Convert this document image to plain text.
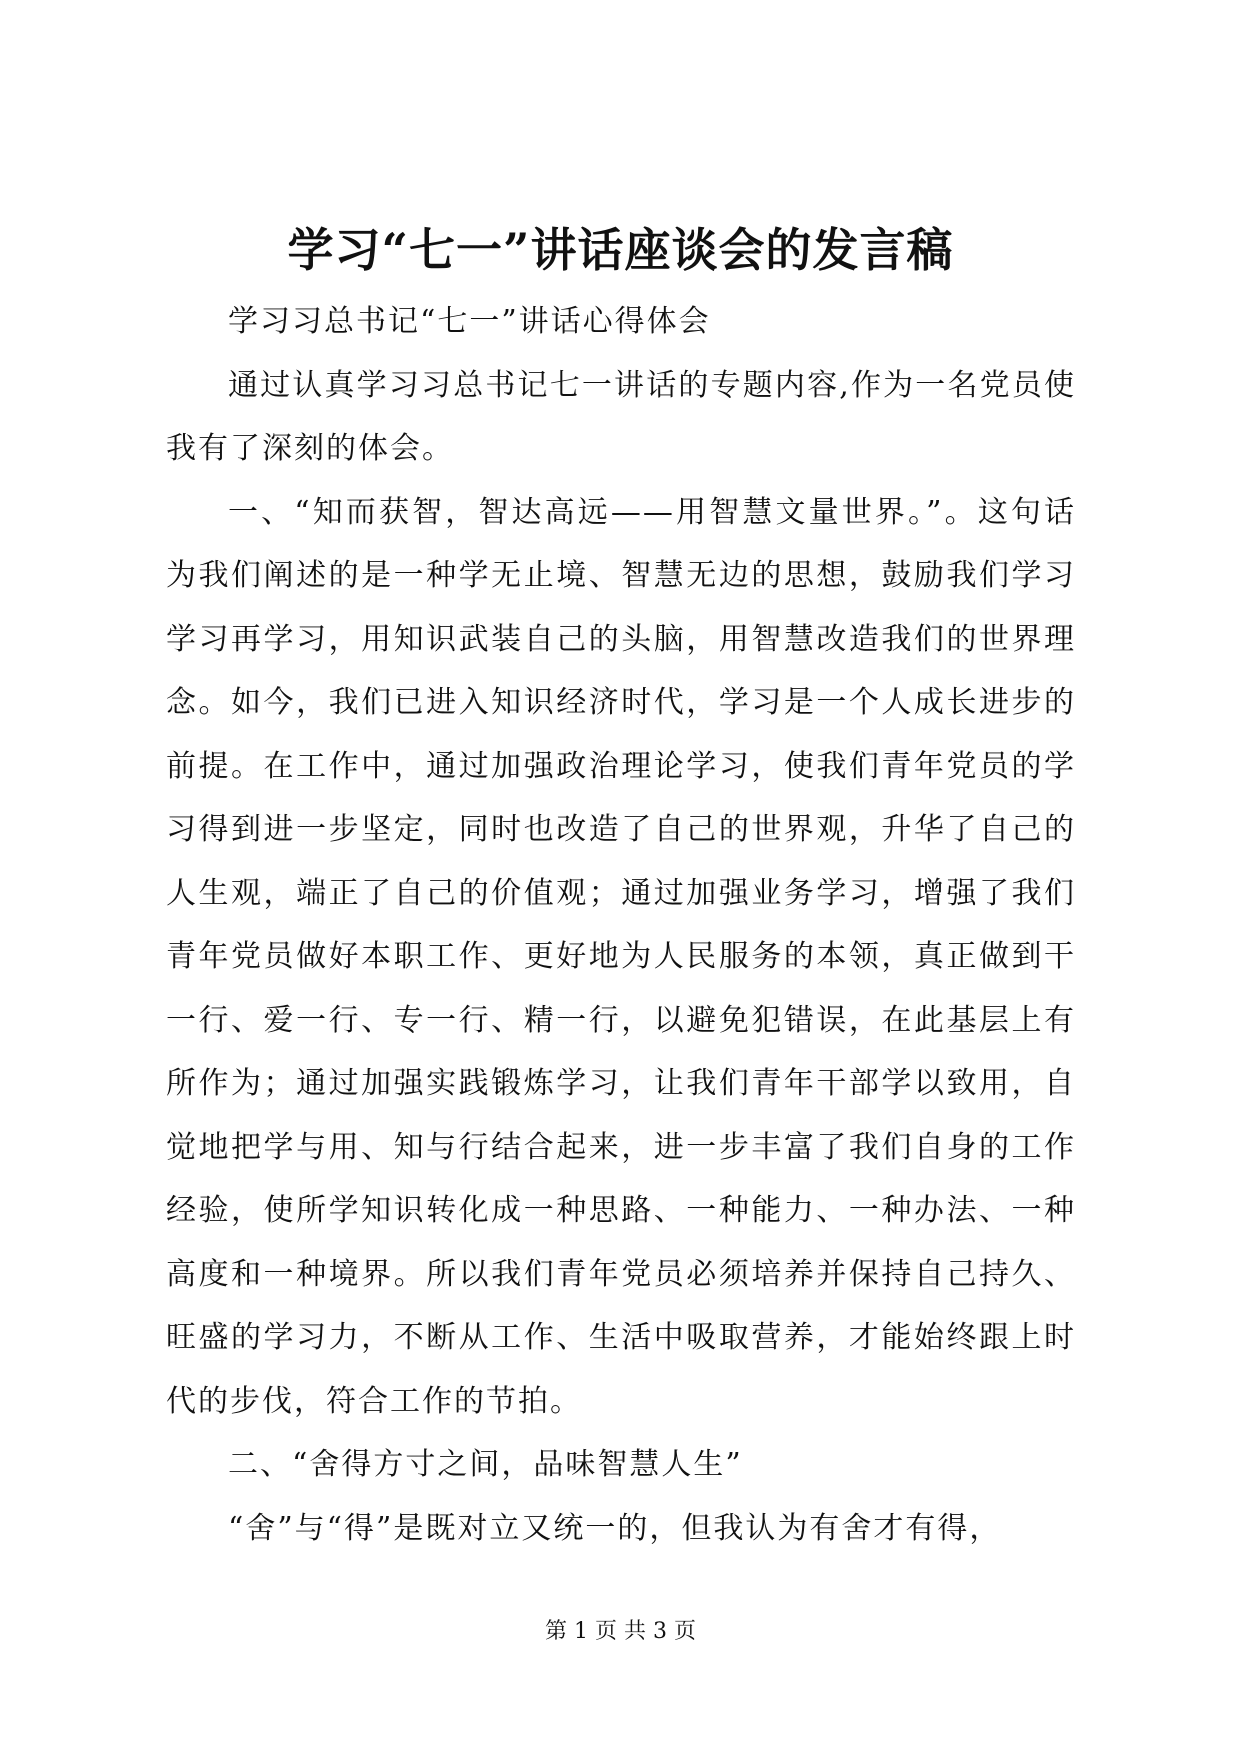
学习“七一”讲话座谈会的发言稿

学习习总书记“七一”讲话心得体会

通过认真学习习总书记七一讲话的专题内容,作为一名党员使我有了深刻的体会。

一、“知而获智，智达高远——用智慧文量世界。”。这句话为我们阐述的是一种学无止境、智慧无边的思想，鼓励我们学习学习再学习，用知识武装自己的头脑，用智慧改造我们的世界理念。如今，我们已进入知识经济时代，学习是一个人成长进步的前提。在工作中，通过加强政治理论学习，使我们青年党员的学习得到进一步坚定，同时也改造了自己的世界观，升华了自己的人生观，端正了自己的价值观；通过加强业务学习，增强了我们青年党员做好本职工作、更好地为人民服务的本领，真正做到干一行、爱一行、专一行、精一行，以避免犯错误，在此基层上有所作为；通过加强实践锻炼学习，让我们青年干部学以致用，自觉地把学与用、知与行结合起来，进一步丰富了我们自身的工作经验，使所学知识转化成一种思路、一种能力、一种办法、一种高度和一种境界。所以我们青年党员必须培养并保持自己持久、旺盛的学习力，不断从工作、生活中吸取营养，才能始终跟上时代的步伐，符合工作的节拍。

二、“舍得方寸之间，品味智慧人生”

“舍”与“得”是既对立又统一的，但我认为有舍才有得，

第 1 页 共 3 页
